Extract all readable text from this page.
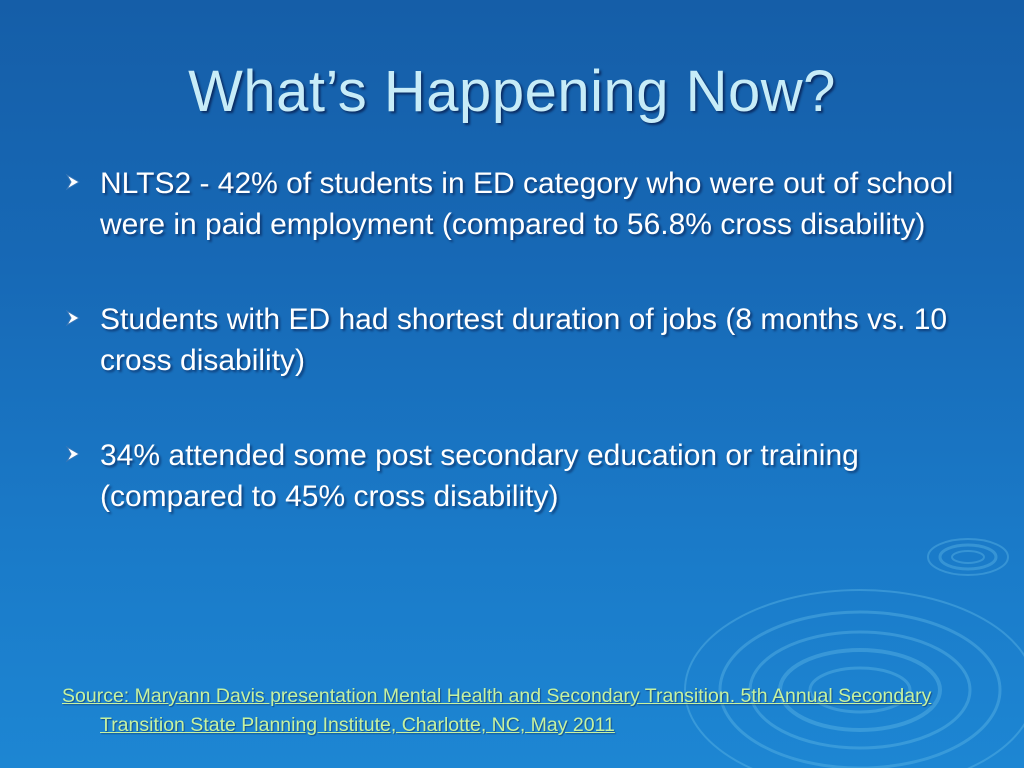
What’s Happening Now?
NLTS2 - 42% of students in ED category who were out of school were in paid employment (compared to 56.8% cross disability)
Students with ED had shortest duration of jobs (8 months vs. 10 cross disability)
34% attended some post secondary education or training (compared to 45% cross disability)
Source: Maryann Davis presentation Mental Health and Secondary Transition. 5th Annual Secondary Transition State Planning Institute, Charlotte, NC, May 2011
